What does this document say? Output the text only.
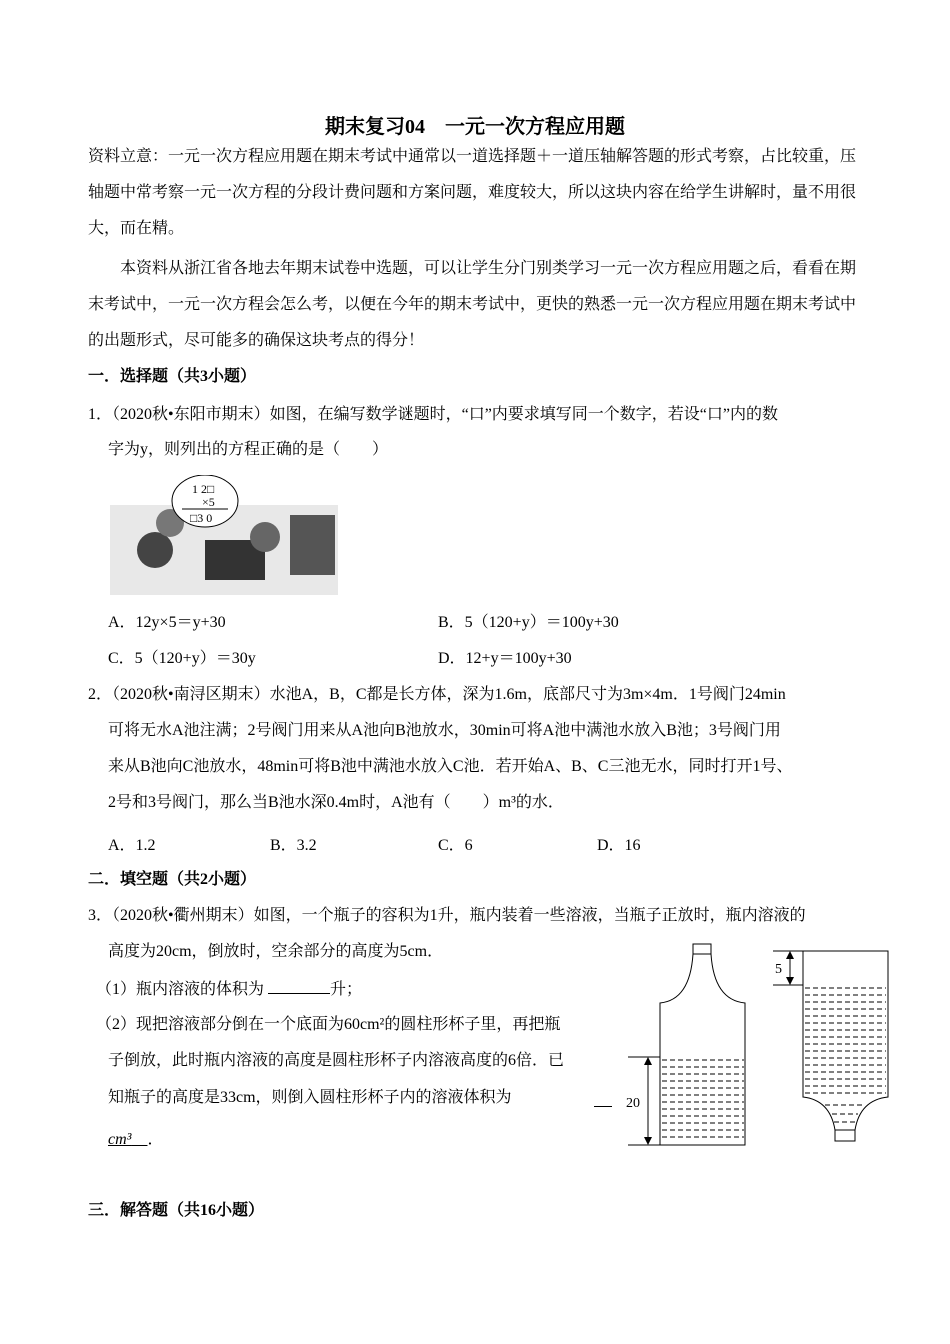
期末复习04　一元一次方程应用题
资料立意：一元一次方程应用题在期末考试中通常以一道选择题＋一道压轴解答题的形式考察，占比较重，压
轴题中常考察一元一次方程的分段计费问题和方案问题，难度较大，所以这块内容在给学生讲解时，量不用很
大，而在精。
　　本资料从浙江省各地去年期末试卷中选题，可以让学生分门别类学习一元一次方程应用题之后，看看在期
末考试中，一元一次方程会怎么考，以便在今年的期末考试中，更快的熟悉一元一次方程应用题在期末考试中
的出题形式，尽可能多的确保这块考点的得分！
一．选择题（共3小题）
1．（2020秋•东阳市期末）如图，在编写数学谜题时，“口”内要求填写同一个数字，若设“口”内的数
　 字为y，则列出的方程正确的是（　　）
1 2□
×5
□3 0
A．12y×5＝y+30	B．5（120+y）＝100y+30
C．5（120+y）＝30y	D．12+y＝100y+30
2．（2020秋•南浔区期末）水池A，B，C都是长方体，深为1.6m，底部尺寸为3m×4m．1号阀门24min
　 可将无水A池注满；2号阀门用来从A池向B池放水，30min可将A池中满池水放入B池；3号阀门用
　 来从B池向C池放水，48min可将B池中满池水放入C池．若开始A、B、C三池无水，同时打开1号、
　 2号和3号阀门，那么当B池水深0.4m时，A池有（　　）m³的水．
A．1.2	B．3.2	C．6	D．16
二．填空题（共2小题）
3．（2020秋•衢州期末）如图，一个瓶子的容积为1升，瓶内装着一些溶液，当瓶子正放时，瓶内溶液的
　 高度为20cm，倒放时，空余部分的高度为5cm．
　（1）瓶内溶液的体积为	升；
　（2）现把溶液部分倒在一个底面为60cm²的圆柱形杯子里，再把瓶
　 子倒放，此时瓶内溶液的高度是圆柱形杯子内溶液高度的6倍．已
　 知瓶子的高度是33cm，则倒入圆柱形杯子内的溶液体积为
cm³　 ．
20
5
三．解答题（共16小题）
